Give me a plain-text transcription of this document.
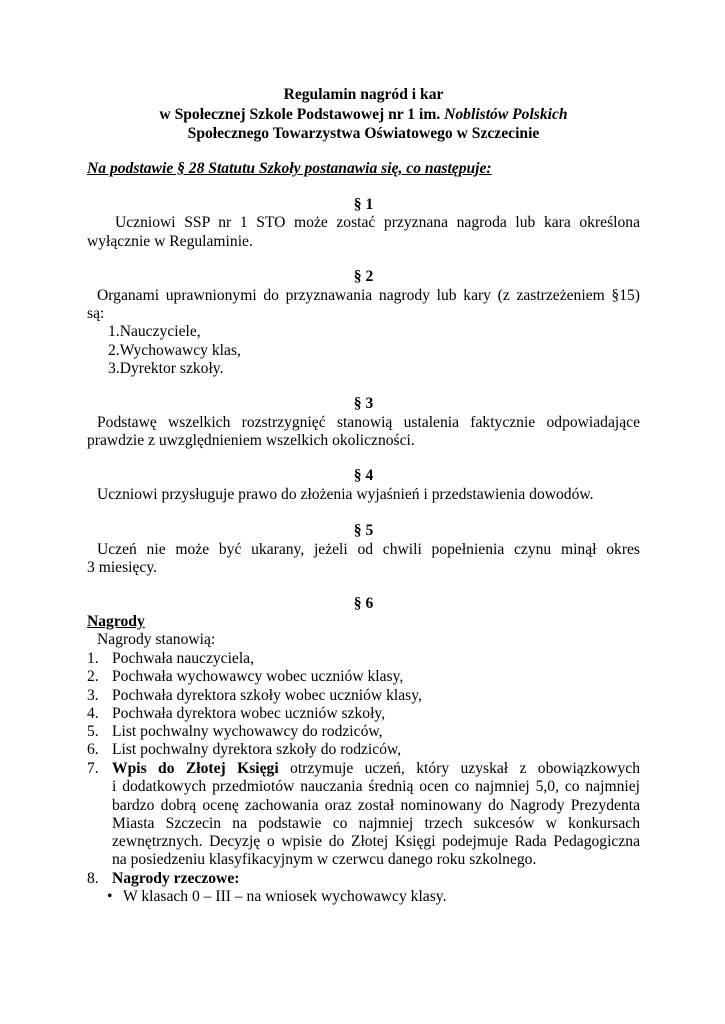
Regulamin nagród i kar
w Społecznej Szkole Podstawowej nr 1 im. Noblistów Polskich
Społecznego Towarzystwa Oświatowego w Szczecinie
Na podstawie § 28 Statutu Szkoły postanawia się, co następuje:
§ 1
Uczniowi SSP nr 1 STO może zostać przyznana nagroda lub kara określona
wyłącznie w Regulaminie.
§ 2
Organami uprawnionymi do przyznawania nagrody lub kary (z zastrzeżeniem §15)
są:
1.Nauczyciele,
2.Wychowawcy klas,
3.Dyrektor szkoły.
§ 3
Podstawę wszelkich rozstrzygnięć stanowią ustalenia faktycznie odpowiadające
prawdzie z uwzględnieniem wszelkich okoliczności.
§ 4
Uczniowi przysługuje prawo do złożenia wyjaśnień i przedstawienia dowodów.
§ 5
Uczeń nie może być ukarany, jeżeli od chwili popełnienia czynu minął okres
3 miesięcy.
§ 6
Nagrody
Nagrody stanowią:
1. Pochwała nauczyciela,
2. Pochwała wychowawcy wobec uczniów klasy,
3. Pochwała dyrektora szkoły wobec uczniów klasy,
4. Pochwała dyrektora wobec uczniów szkoły,
5. List pochwalny wychowawcy do rodziców,
6. List pochwalny dyrektora szkoły do rodziców,
7. Wpis do Złotej Księgi otrzymuje uczeń, który uzyskał z obowiązkowych
i dodatkowych przedmiotów nauczania średnią ocen co najmniej 5,0, co najmniej
bardzo dobrą ocenę zachowania oraz został nominowany do Nagrody Prezydenta
Miasta Szczecin na podstawie co najmniej trzech sukcesów w konkursach
zewnętrznych. Decyzję o wpisie do Złotej Księgi podejmuje Rada Pedagogiczna
na posiedzeniu klasyfikacyjnym w czerwcu danego roku szkolnego.
8. Nagrody rzeczowe:
• W klasach 0 – III – na wniosek wychowawcy klasy.
